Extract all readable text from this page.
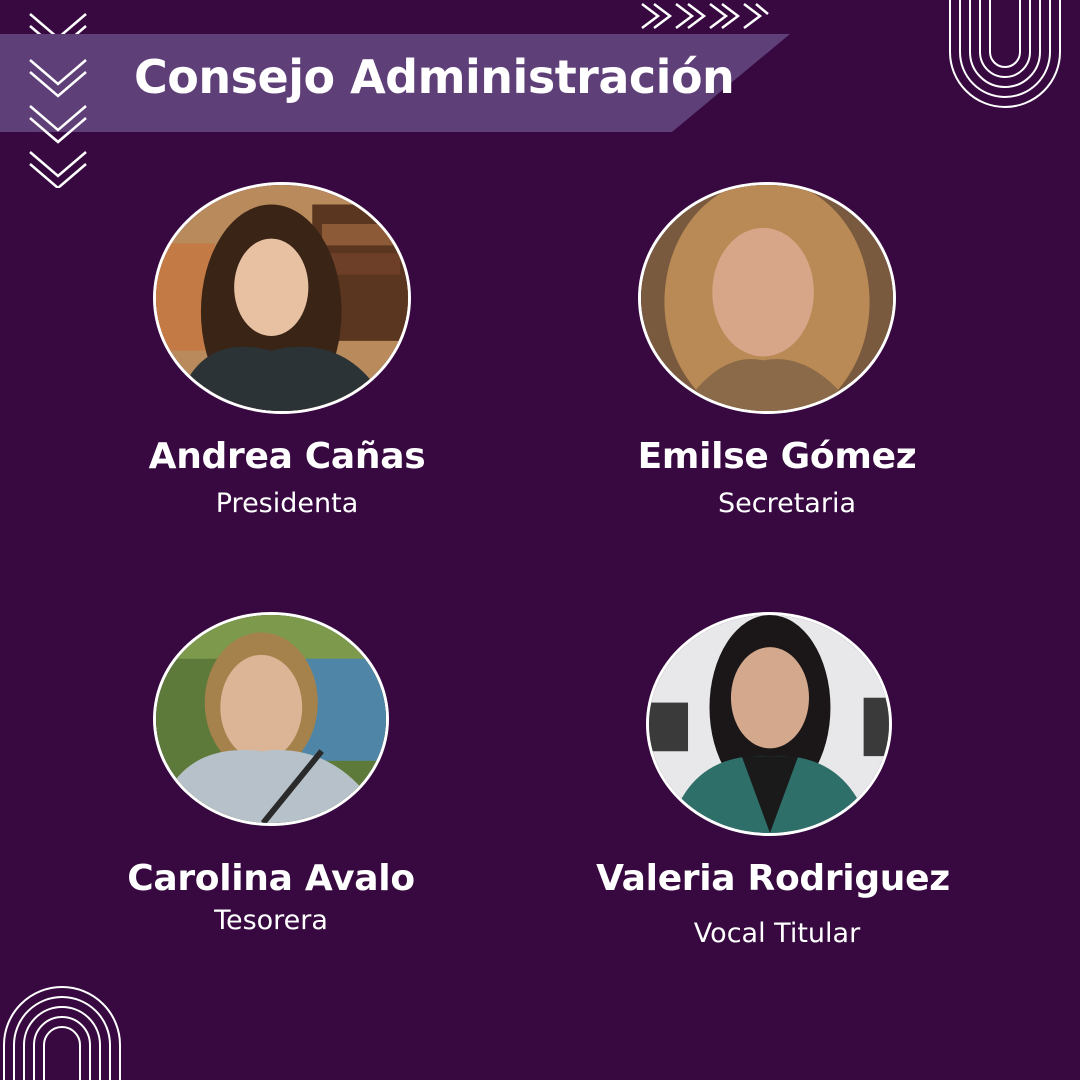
Consejo Administración
Andrea Cañas
Presidenta
Emilse Gómez
Secretaria
Carolina Avalo
Tesorera
Valeria Rodriguez
Vocal Titular
